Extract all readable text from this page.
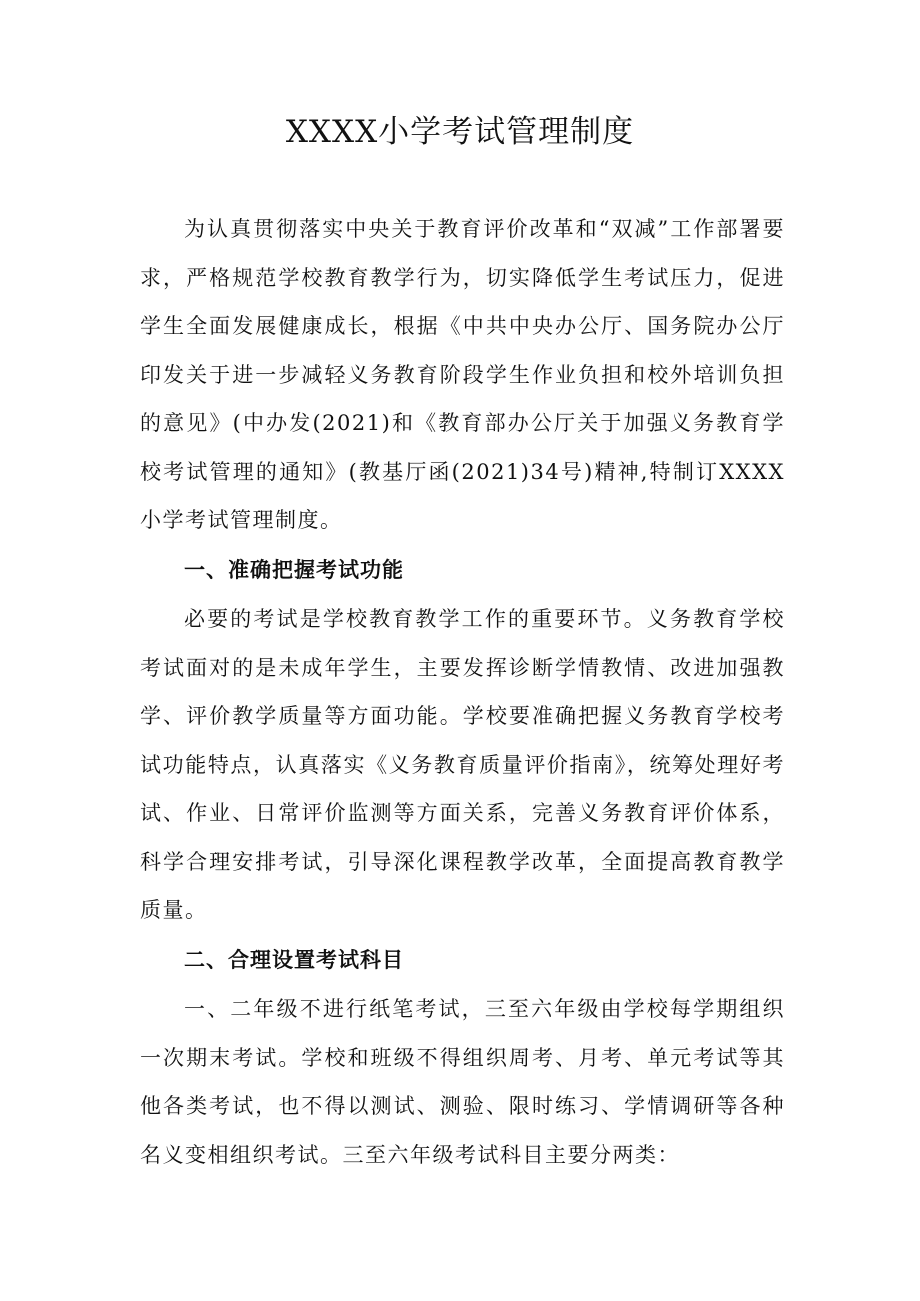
XXXX小学考试管理制度

为认真贯彻落实中央关于教育评价改革和“双减”工作部署要求，严格规范学校教育教学行为，切实降低学生考试压力，促进学生全面发展健康成长，根据《中共中央办公厅、国务院办公厅印发关于进一步减轻义务教育阶段学生作业负担和校外培训负担的意见》(中办发(2021)和《教育部办公厅关于加强义务教育学校考试管理的通知》(教基厅函(2021)34号)精神,特制订XXXX小学考试管理制度。

一、准确把握考试功能

必要的考试是学校教育教学工作的重要环节。义务教育学校考试面对的是未成年学生，主要发挥诊断学情教情、改进加强教学、评价教学质量等方面功能。学校要准确把握义务教育学校考试功能特点，认真落实《义务教育质量评价指南》，统筹处理好考试、作业、日常评价监测等方面关系，完善义务教育评价体系，科学合理安排考试，引导深化课程教学改革，全面提高教育教学质量。

二、合理设置考试科目

一、二年级不进行纸笔考试，三至六年级由学校每学期组织一次期末考试。学校和班级不得组织周考、月考、单元考试等其他各类考试，也不得以测试、测验、限时练习、学情调研等各种名义变相组织考试。三至六年级考试科目主要分两类：
